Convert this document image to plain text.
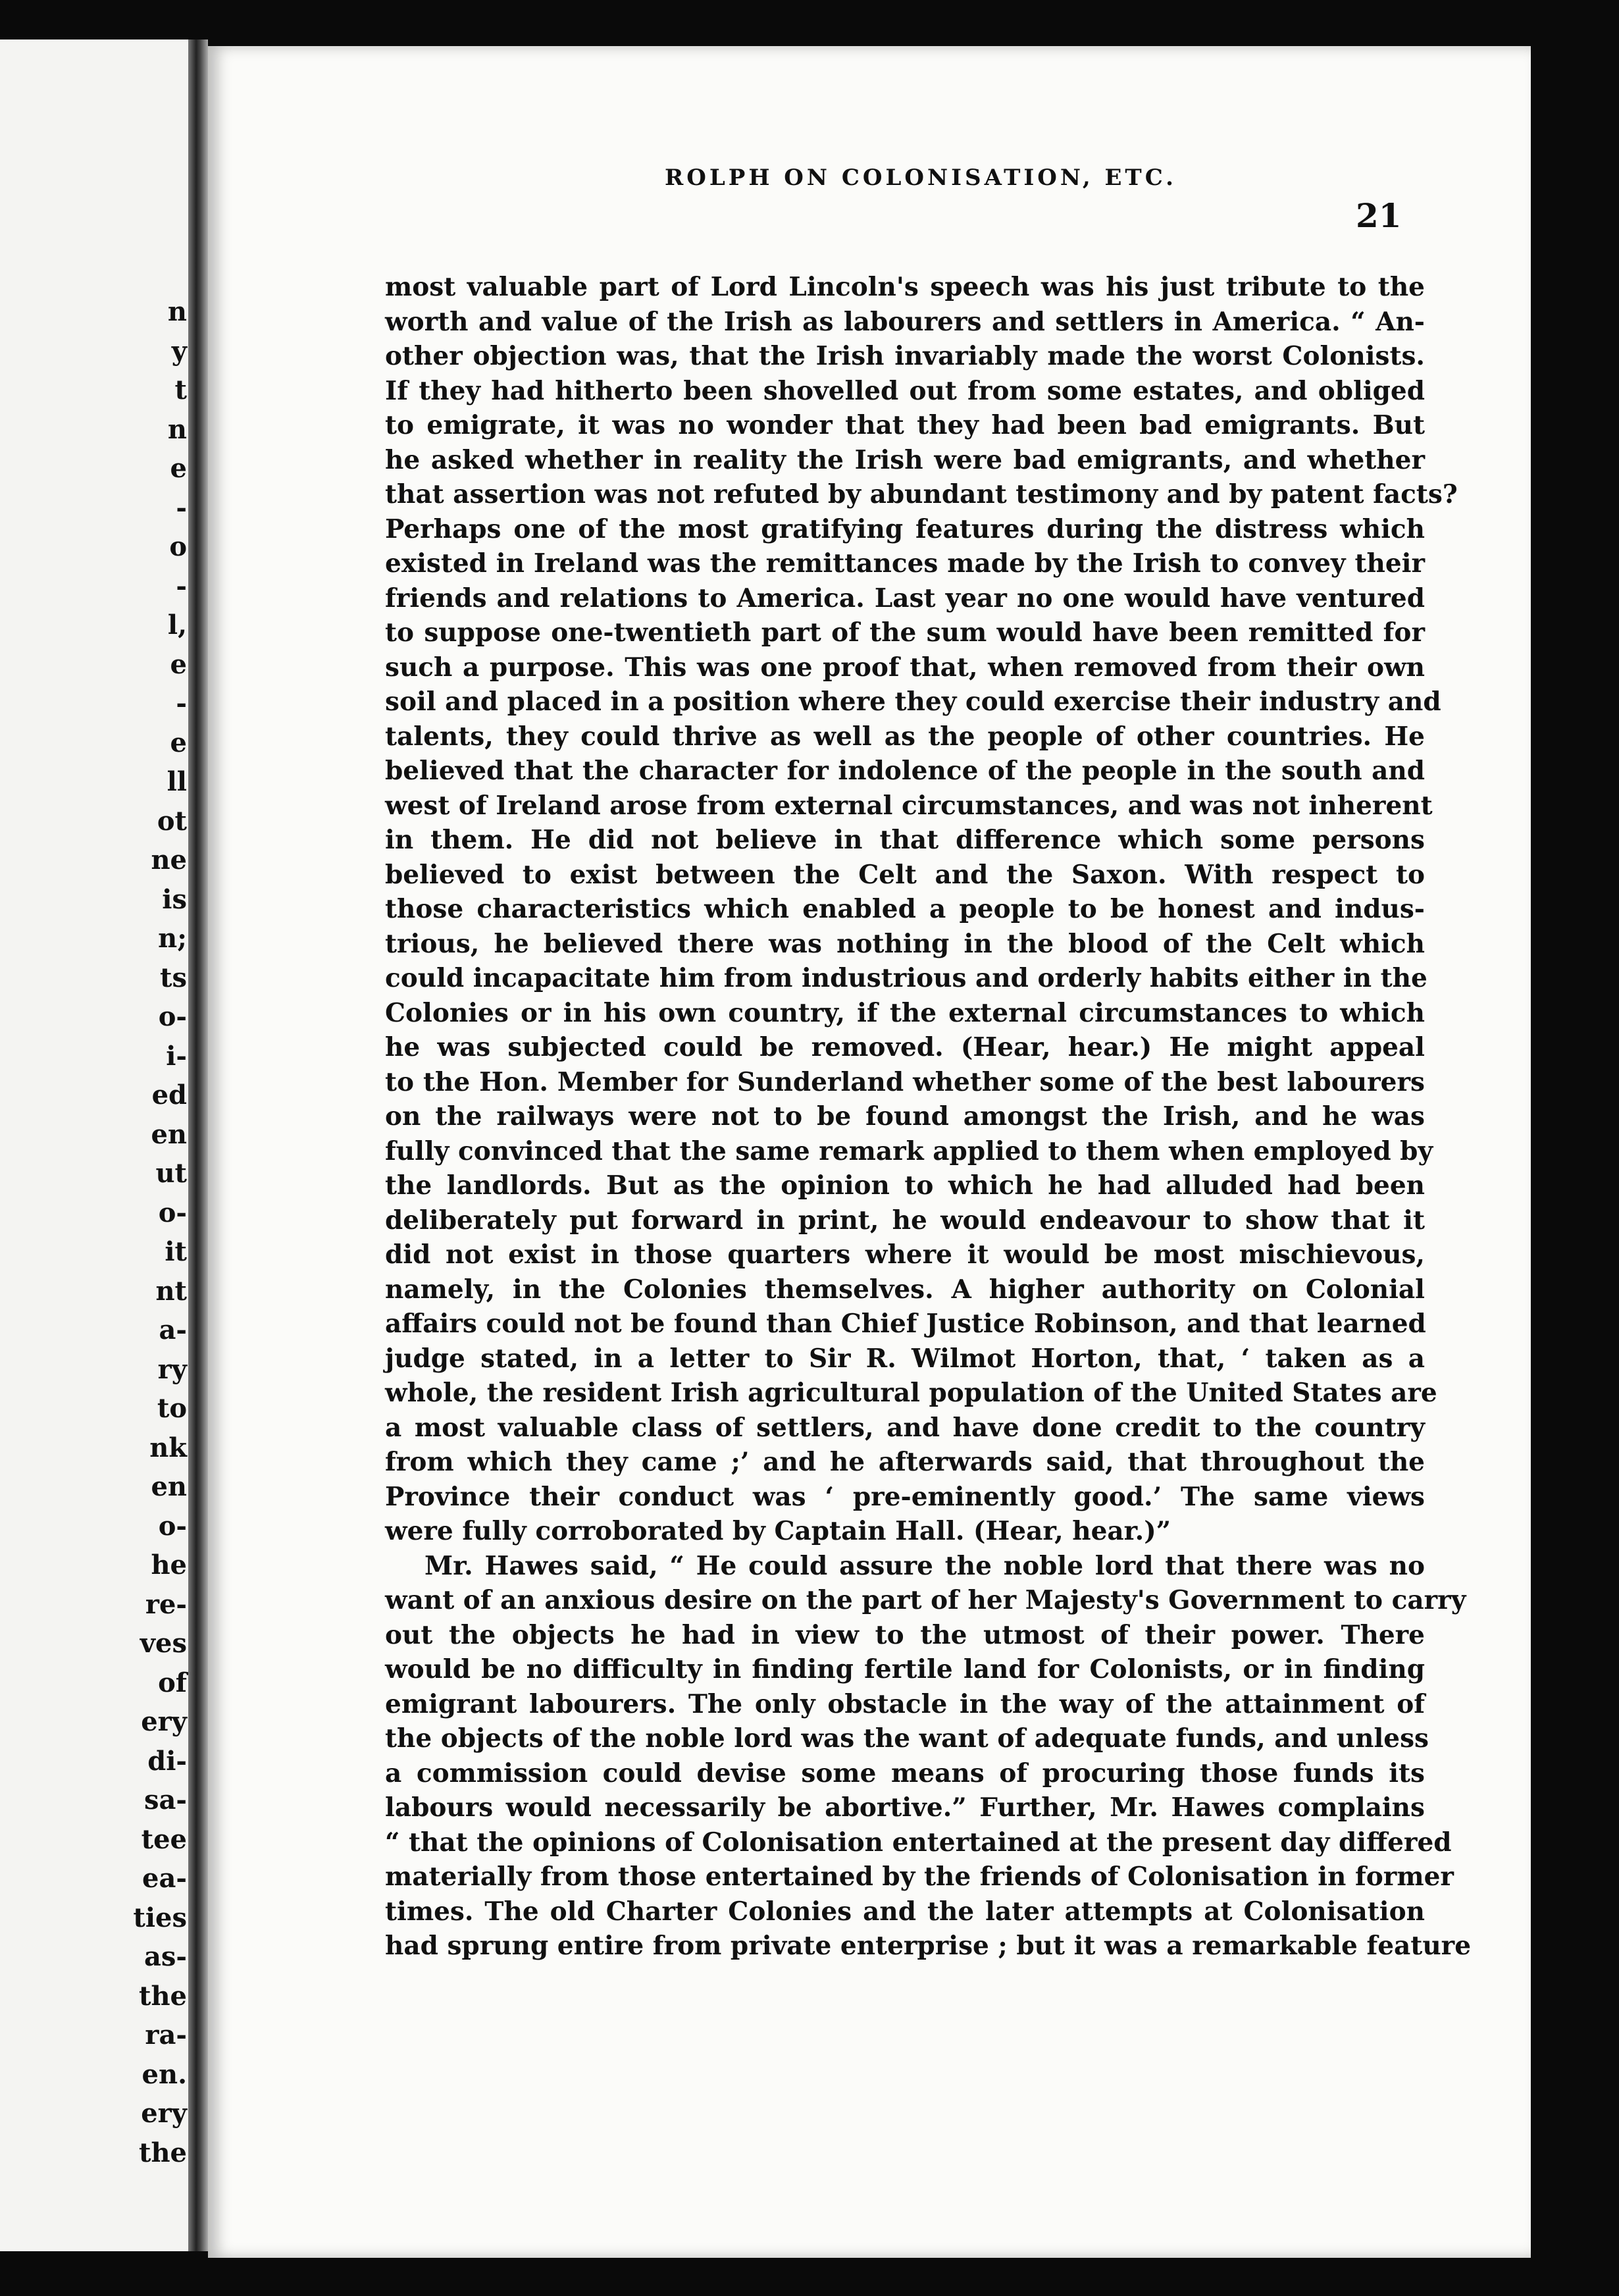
n
y
t
n
e
-
o
-
l,
e
-
e
ll
ot
ne
is
n;
ts
o-
i-
ed
en
ut
o-
it
nt
a-
ry
to
nk
en
o-
he
re-
ves
of
ery
di-
sa-
tee
ea-
ties
as-
the
ra-
en.
ery
the
ROLPH ON COLONISATION, ETC.
21
most valuable part of Lord Lincoln's speech was his just tribute to the
worth and value of the Irish as labourers and settlers in America. “ An-
other objection was, that the Irish invariably made the worst Colonists.
If they had hitherto been shovelled out from some estates, and obliged
to emigrate, it was no wonder that they had been bad emigrants. But
he asked whether in reality the Irish were bad emigrants, and whether
that assertion was not refuted by abundant testimony and by patent facts?
Perhaps one of the most gratifying features during the distress which
existed in Ireland was the remittances made by the Irish to convey their
friends and relations to America. Last year no one would have ventured
to suppose one-twentieth part of the sum would have been remitted for
such a purpose. This was one proof that, when removed from their own
soil and placed in a position where they could exercise their industry and
talents, they could thrive as well as the people of other countries. He
believed that the character for indolence of the people in the south and
west of Ireland arose from external circumstances, and was not inherent
in them. He did not believe in that difference which some persons
believed to exist between the Celt and the Saxon. With respect to
those characteristics which enabled a people to be honest and indus-
trious, he believed there was nothing in the blood of the Celt which
could incapacitate him from industrious and orderly habits either in the
Colonies or in his own country, if the external circumstances to which
he was subjected could be removed. (Hear, hear.) He might appeal
to the Hon. Member for Sunderland whether some of the best labourers
on the railways were not to be found amongst the Irish, and he was
fully convinced that the same remark applied to them when employed by
the landlords. But as the opinion to which he had alluded had been
deliberately put forward in print, he would endeavour to show that it
did not exist in those quarters where it would be most mischievous,
namely, in the Colonies themselves. A higher authority on Colonial
affairs could not be found than Chief Justice Robinson, and that learned
judge stated, in a letter to Sir R. Wilmot Horton, that, ‘ taken as a
whole, the resident Irish agricultural population of the United States are
a most valuable class of settlers, and have done credit to the country
from which they came ;’ and he afterwards said, that throughout the
Province their conduct was ‘ pre-eminently good.’ The same views
were fully corroborated by Captain Hall. (Hear, hear.)”
Mr. Hawes said, “ He could assure the noble lord that there was no
want of an anxious desire on the part of her Majesty's Government to carry
out the objects he had in view to the utmost of their power. There
would be no difficulty in finding fertile land for Colonists, or in finding
emigrant labourers. The only obstacle in the way of the attainment of
the objects of the noble lord was the want of adequate funds, and unless
a commission could devise some means of procuring those funds its
labours would necessarily be abortive.” Further, Mr. Hawes complains
“ that the opinions of Colonisation entertained at the present day differed
materially from those entertained by the friends of Colonisation in former
times. The old Charter Colonies and the later attempts at Colonisation
had sprung entire from private enterprise ; but it was a remarkable feature
